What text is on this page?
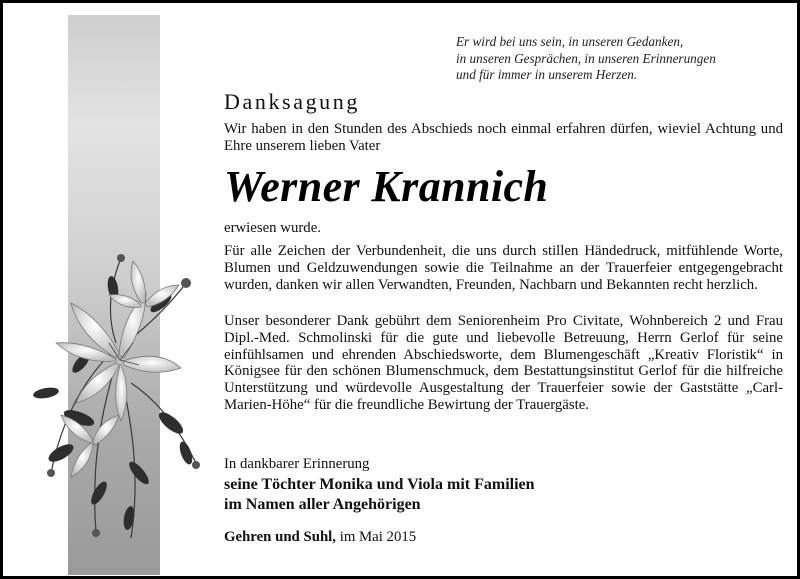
Er wird bei uns sein, in unseren Gedanken,
in unseren Gesprächen, in unseren Erinnerungen
und für immer in unserem Herzen.
Danksagung
Wir haben in den Stunden des Abschieds noch einmal erfahren dürfen, wieviel Achtung und Ehre unserem lieben Vater
Werner Krannich
erwiesen wurde.
Für alle Zeichen der Verbundenheit, die uns durch stillen Händedruck, mitfühlende Worte, Blumen und Geldzuwendungen sowie die Teilnahme an der Trauerfeier entgegengebracht wurden, danken wir allen Verwandten, Freunden, Nachbarn und Bekannten recht herzlich.
Unser besonderer Dank gebührt dem Seniorenheim Pro Civitate, Wohnbereich 2 und Frau Dipl.-Med. Schmolinski für die gute und liebevolle Betreuung, Herrn Gerlof für seine einfühlsamen und ehrenden Abschiedsworte, dem Blumengeschäft „Kreativ Floristik“ in Königsee für den schönen Blumenschmuck, dem Bestattungsinstitut Gerlof für die hilfreiche Unterstützung und würdevolle Ausgestaltung der Trauerfeier sowie der Gaststätte „Carl-Marien-Höhe“ für die freundliche Bewirtung der Trauergäste.
In dankbarer Erinnerung
seine Töchter Monika und Viola mit Familien
im Namen aller Angehörigen
Gehren und Suhl, im Mai 2015
